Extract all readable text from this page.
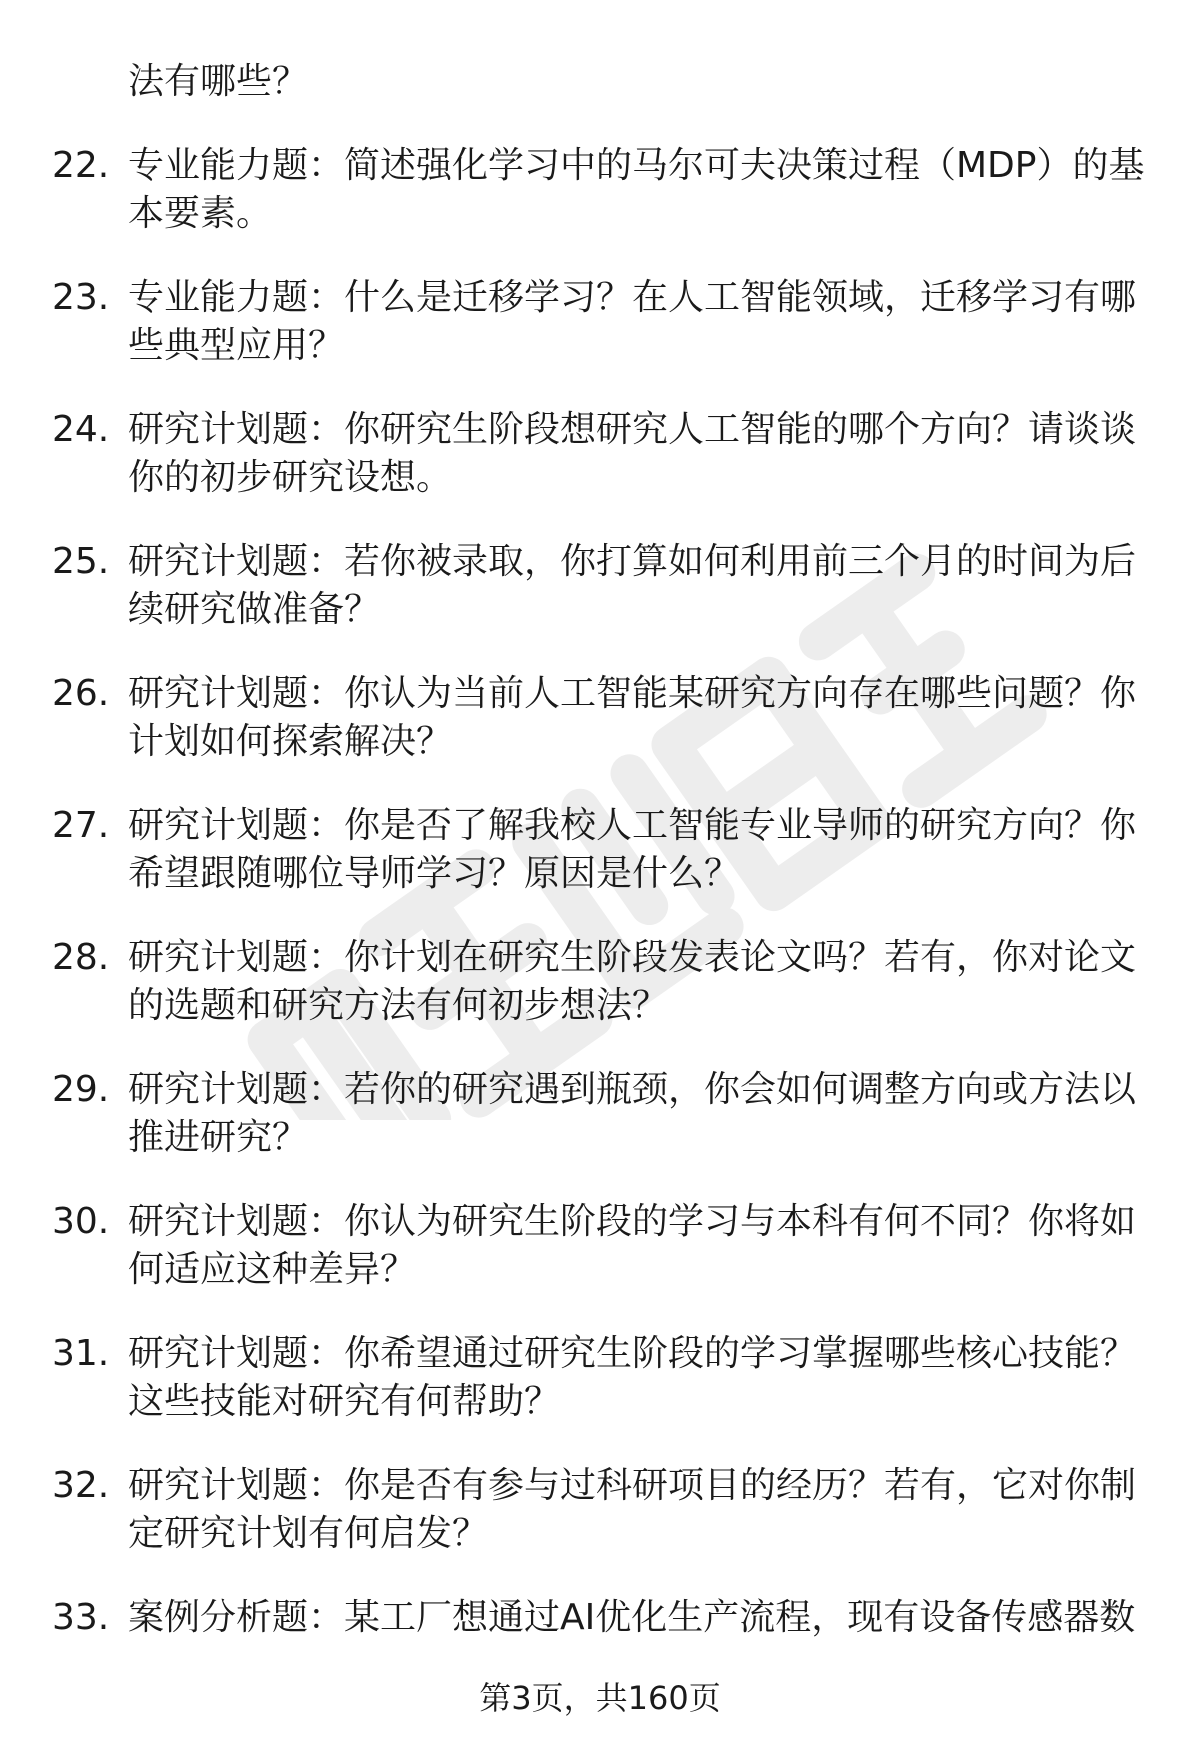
法有哪些？

22. 专业能力题：简述强化学习中的马尔可夫决策过程（MDP）的基本要素。
23. 专业能力题：什么是迁移学习？在人工智能领域，迁移学习有哪些典型应用？
24. 研究计划题：你研究生阶段想研究人工智能的哪个方向？请谈谈你的初步研究设想。
25. 研究计划题：若你被录取，你打算如何利用前三个月的时间为后续研究做准备？
26. 研究计划题：你认为当前人工智能某研究方向存在哪些问题？你计划如何探索解决？
27. 研究计划题：你是否了解我校人工智能专业导师的研究方向？你希望跟随哪位导师学习？原因是什么？
28. 研究计划题：你计划在研究生阶段发表论文吗？若有，你对论文的选题和研究方法有何初步想法？
29. 研究计划题：若你的研究遇到瓶颈，你会如何调整方向或方法以推进研究？
30. 研究计划题：你认为研究生阶段的学习与本科有何不同？你将如何适应这种差异？
31. 研究计划题：你希望通过研究生阶段的学习掌握哪些核心技能？这些技能对研究有何帮助？
32. 研究计划题：你是否有参与过科研项目的经历？若有，它对你制定研究计划有何启发？
33. 案例分析题：某工厂想通过AI优化生产流程，现有设备传感器数
第3页，共160页
